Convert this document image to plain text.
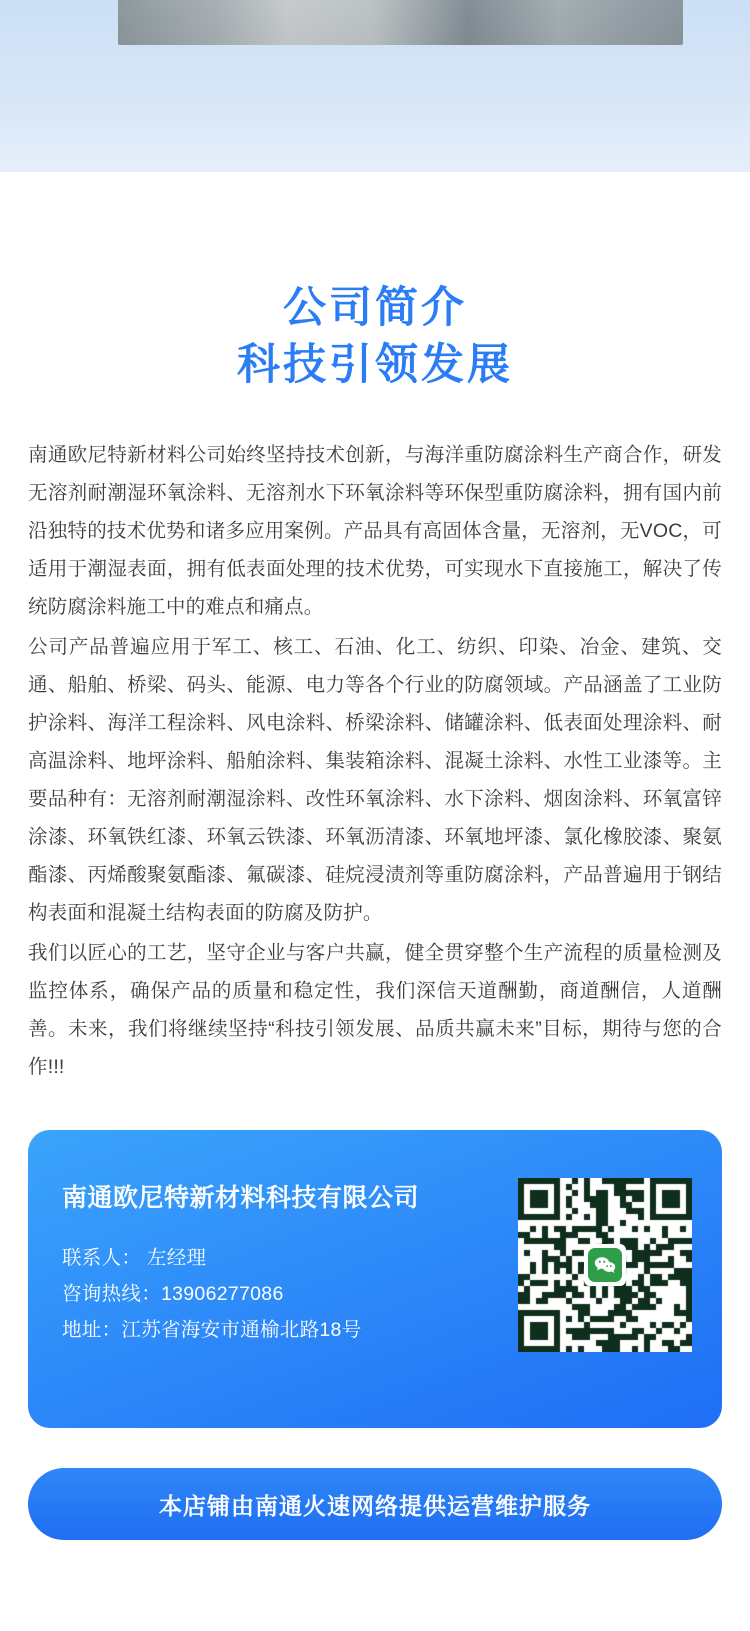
公司简介
科技引领发展

南通欧尼特新材料公司始终坚持技术创新，与海洋重防腐涂料生产商合作，研发无溶剂耐潮湿环氧涂料、无溶剂水下环氧涂料等环保型重防腐涂料，拥有国内前沿独特的技术优势和诸多应用案例。产品具有高固体含量，无溶剂，无VOC，可适用于潮湿表面，拥有低表面处理的技术优势，可实现水下直接施工，解决了传统防腐涂料施工中的难点和痛点。

公司产品普遍应用于军工、核工、石油、化工、纺织、印染、冶金、建筑、交通、船舶、桥梁、码头、能源、电力等各个行业的防腐领域。产品涵盖了工业防护涂料、海洋工程涂料、风电涂料、桥梁涂料、储罐涂料、低表面处理涂料、耐高温涂料、地坪涂料、船舶涂料、集装箱涂料、混凝土涂料、水性工业漆等。主要品种有：无溶剂耐潮湿涂料、改性环氧涂料、水下涂料、烟囱涂料、环氧富锌涂漆、环氧铁红漆、环氧云铁漆、环氧沥清漆、环氧地坪漆、氯化橡胶漆、聚氨酯漆、丙烯酸聚氨酯漆、氟碳漆、硅烷浸渍剂等重防腐涂料，产品普遍用于钢结构表面和混凝土结构表面的防腐及防护。

我们以匠心的工艺，坚守企业与客户共赢，健全贯穿整个生产流程的质量检测及监控体系，确保产品的质量和稳定性，我们深信天道酬勤，商道酬信，人道酬善。未来，我们将继续坚持“科技引领发展、品质共赢未来”目标，期待与您的合作!!!

南通欧尼特新材料科技有限公司
联系人： 左经理
咨询热线：13906277086
地址：江苏省海安市通榆北路18号
本店铺由南通火速网络提供运营维护服务
